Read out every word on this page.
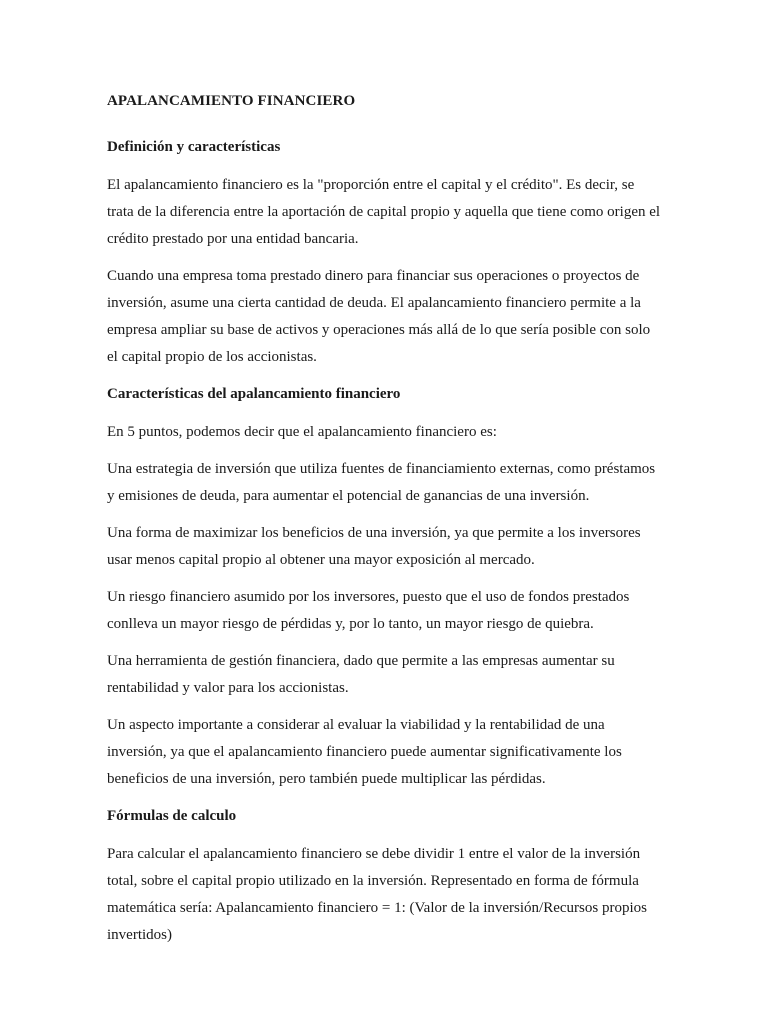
APALANCAMIENTO FINANCIERO
Definición y características

El apalancamiento financiero es la "proporción entre el capital y el crédito". Es decir, se trata de la diferencia entre la aportación de capital propio y aquella que tiene como origen el crédito prestado por una entidad bancaria.

Cuando una empresa toma prestado dinero para financiar sus operaciones o proyectos de inversión, asume una cierta cantidad de deuda. El apalancamiento financiero permite a la empresa ampliar su base de activos y operaciones más allá de lo que sería posible con solo el capital propio de los accionistas.

Características del apalancamiento financiero

En 5 puntos, podemos decir que el apalancamiento financiero es:

Una estrategia de inversión que utiliza fuentes de financiamiento externas, como préstamos y emisiones de deuda, para aumentar el potencial de ganancias de una inversión.

Una forma de maximizar los beneficios de una inversión, ya que permite a los inversores usar menos capital propio al obtener una mayor exposición al mercado.

Un riesgo financiero asumido por los inversores, puesto que el uso de fondos prestados conlleva un mayor riesgo de pérdidas y, por lo tanto, un mayor riesgo de quiebra.

Una herramienta de gestión financiera, dado que permite a las empresas aumentar su rentabilidad y valor para los accionistas.

Un aspecto importante a considerar al evaluar la viabilidad y la rentabilidad de una inversión, ya que el apalancamiento financiero puede aumentar significativamente los beneficios de una inversión, pero también puede multiplicar las pérdidas.

Fórmulas de calculo

Para calcular el apalancamiento financiero se debe dividir 1 entre el valor de la inversión total, sobre el capital propio utilizado en la inversión. Representado en forma de fórmula matemática sería: Apalancamiento financiero = 1: (Valor de la inversión/Recursos propios invertidos)
